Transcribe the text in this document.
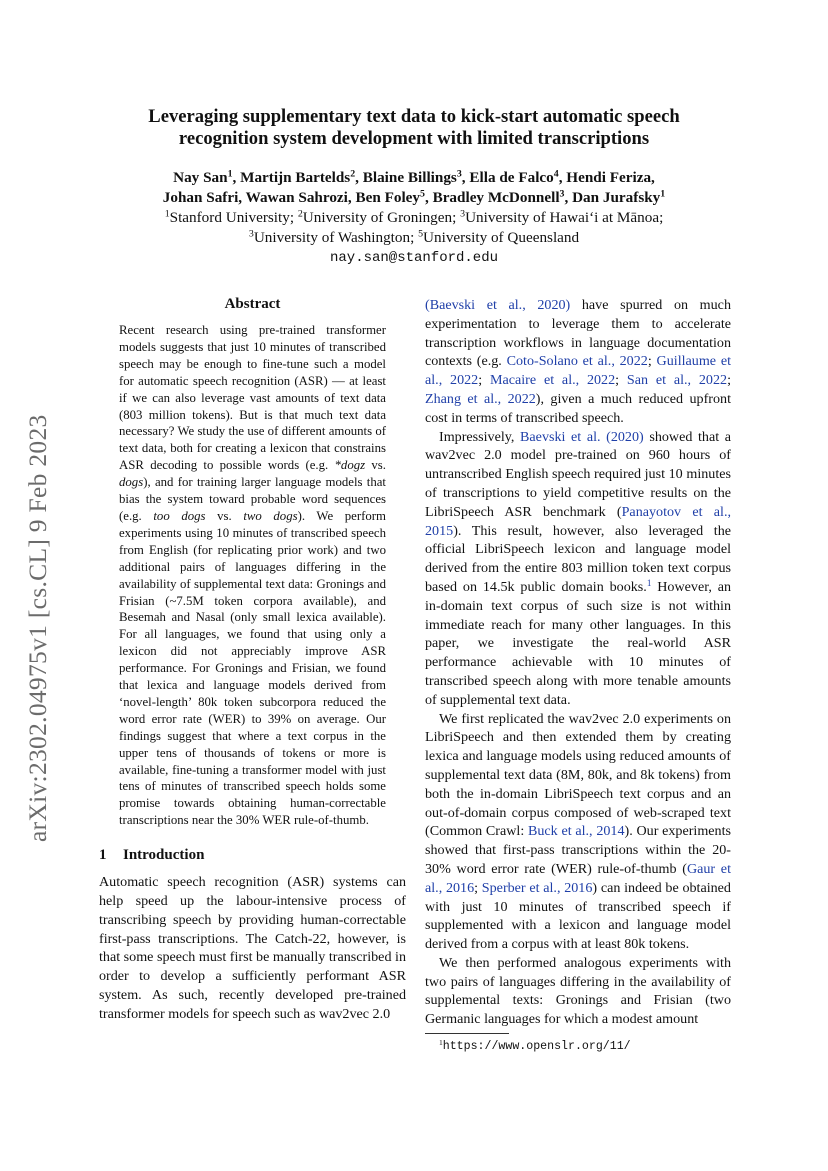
arXiv:2302.04975v1 [cs.CL] 9 Feb 2023
Leveraging supplementary text data to kick-start automatic speech
recognition system development with limited transcriptions
Nay San$^1$, Martijn Bartelds$^2$, Blaine Billings$^3$, Ella de Falco$^4$, Hendi Feriza,
Johan Safri, Wawan Sahrozi, Ben Foley$^5$, Bradley McDonnell$^3$, Dan Jurafsky$^1$
$^1$Stanford University; $^2$University of Groningen; $^3$University of Hawai‘i at Mānoa;
$^3$University of Washington; $^5$University of Queensland
nay.san@stanford.edu
Abstract

Recent research using pre-trained transformer models suggests that just 10 minutes of transcribed speech may be enough to fine-tune such a model for automatic speech recognition (ASR) — at least if we can also leverage vast amounts of text data (803 million tokens). But is that much text data necessary? We study the use of different amounts of text data, both for creating a lexicon that constrains ASR decoding to possible words (e.g. *dogz vs. dogs), and for training larger language models that bias the system toward probable word sequences (e.g. too dogs vs. two dogs). We perform experiments using 10 minutes of transcribed speech from English (for replicating prior work) and two additional pairs of languages differing in the availability of supplemental text data: Gronings and Frisian (~7.5M token corpora available), and Besemah and Nasal (only small lexica available). For all languages, we found that using only a lexicon did not appreciably improve ASR performance. For Gronings and Frisian, we found that lexica and language models derived from ‘novel-length’ 80k token subcorpora reduced the word error rate (WER) to 39% on average. Our findings suggest that where a text corpus in the upper tens of thousands of tokens or more is available, fine-tuning a transformer model with just tens of minutes of transcribed speech holds some promise towards obtaining human-correctable transcriptions near the 30% WER rule-of-thumb.

1 Introduction

Automatic speech recognition (ASR) systems can help speed up the labour-intensive process of transcribing speech by providing human-correctable first-pass transcriptions. The Catch-22, however, is that some speech must first be manually transcribed in order to develop a sufficiently performant ASR system. As such, recently developed pre-trained transformer models for speech such as wav2vec 2.0

(Baevski et al., 2020) have spurred on much experimentation to leverage them to accelerate transcription workflows in language documentation contexts (e.g. Coto-Solano et al., 2022; Guillaume et al., 2022; Macaire et al., 2022; San et al., 2022; Zhang et al., 2022), given a much reduced upfront cost in terms of transcribed speech.

Impressively, Baevski et al. (2020) showed that a wav2vec 2.0 model pre-trained on 960 hours of untranscribed English speech required just 10 minutes of transcriptions to yield competitive results on the LibriSpeech ASR benchmark (Panayotov et al., 2015). This result, however, also leveraged the official LibriSpeech lexicon and language model derived from the entire 803 million token text corpus based on 14.5k public domain books.$^1$ However, an in-domain text corpus of such size is not within immediate reach for many other languages. In this paper, we investigate the real-world ASR performance achievable with 10 minutes of transcribed speech along with more tenable amounts of supplemental text data.

We first replicated the wav2vec 2.0 experiments on LibriSpeech and then extended them by creating lexica and language models using reduced amounts of supplemental text data (8M, 80k, and 8k tokens) from both the in-domain LibriSpeech text corpus and an out-of-domain corpus composed of web-scraped text (Common Crawl: Buck et al., 2014). Our experiments showed that first-pass transcriptions within the 20-30% word error rate (WER) rule-of-thumb (Gaur et al., 2016; Sperber et al., 2016) can indeed be obtained with just 10 minutes of transcribed speech if supplemented with a lexicon and language model derived from a corpus with at least 80k tokens.

We then performed analogous experiments with two pairs of languages differing in the availability of supplemental texts: Gronings and Frisian (two Germanic languages for which a modest amount

$^1$https://www.openslr.org/11/
